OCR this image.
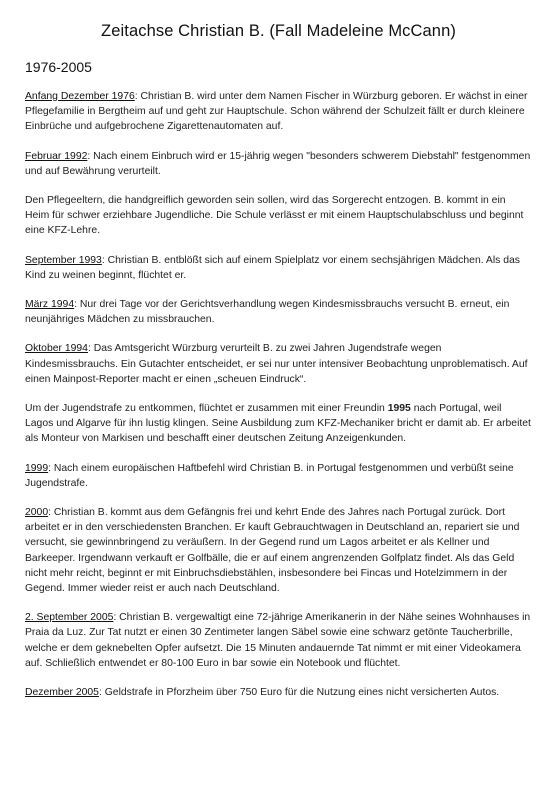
Zeitachse Christian B. (Fall Madeleine McCann)
1976-2005

Anfang Dezember 1976: Christian B. wird unter dem Namen Fischer in Würzburg geboren. Er wächst in einer Pflegefamilie in Bergtheim auf und geht zur Hauptschule. Schon während der Schulzeit fällt er durch kleinere Einbrüche und aufgebrochene Zigarettenautomaten auf.

Februar 1992: Nach einem Einbruch wird er 15-jährig wegen "besonders schwerem Diebstahl" festgenommen und auf Bewährung verurteilt.

Den Pflegeeltern, die handgreiflich geworden sein sollen, wird das Sorgerecht entzogen. B. kommt in ein Heim für schwer erziehbare Jugendliche. Die Schule verlässt er mit einem Hauptschulabschluss und beginnt eine KFZ-Lehre.

September 1993: Christian B. entblößt sich auf einem Spielplatz vor einem sechsjährigen Mädchen. Als das Kind zu weinen beginnt, flüchtet er.

März 1994: Nur drei Tage vor der Gerichtsverhandlung wegen Kindesmissbrauchs versucht B. erneut, ein neunjähriges Mädchen zu missbrauchen.

Oktober 1994: Das Amtsgericht Würzburg verurteilt B. zu zwei Jahren Jugendstrafe wegen Kindesmissbrauchs. Ein Gutachter entscheidet, er sei nur unter intensiver Beobachtung unproblematisch. Auf einen Mainpost-Reporter macht er einen „scheuen Eindruck“.

Um der Jugendstrafe zu entkommen, flüchtet er zusammen mit einer Freundin 1995 nach Portugal, weil Lagos und Algarve für ihn lustig klingen. Seine Ausbildung zum KFZ-Mechaniker bricht er damit ab. Er arbeitet als Monteur von Markisen und beschafft einer deutschen Zeitung Anzeigenkunden.

1999: Nach einem europäischen Haftbefehl wird Christian B. in Portugal festgenommen und verbüßt seine Jugendstrafe.

2000: Christian B. kommt aus dem Gefängnis frei und kehrt Ende des Jahres nach Portugal zurück. Dort arbeitet er in den verschiedensten Branchen. Er kauft Gebrauchtwagen in Deutschland an, repariert sie und versucht, sie gewinnbringend zu veräußern. In der Gegend rund um Lagos arbeitet er als Kellner und Barkeeper. Irgendwann verkauft er Golfbälle, die er auf einem angrenzenden Golfplatz findet. Als das Geld nicht mehr reicht, beginnt er mit Einbruchsdiebstählen, insbesondere bei Fincas und Hotelzimmern in der Gegend. Immer wieder reist er auch nach Deutschland.

2. September 2005: Christian B. vergewaltigt eine 72-jährige Amerikanerin in der Nähe seines Wohnhauses in Praia da Luz. Zur Tat nutzt er einen 30 Zentimeter langen Säbel sowie eine schwarz getönte Taucherbrille, welche er dem geknebelten Opfer aufsetzt. Die 15 Minuten andauernde Tat nimmt er mit einer Videokamera auf. Schließlich entwendet er 80-100 Euro in bar sowie ein Notebook und flüchtet.

Dezember 2005: Geldstrafe in Pforzheim über 750 Euro für die Nutzung eines nicht versicherten Autos.
